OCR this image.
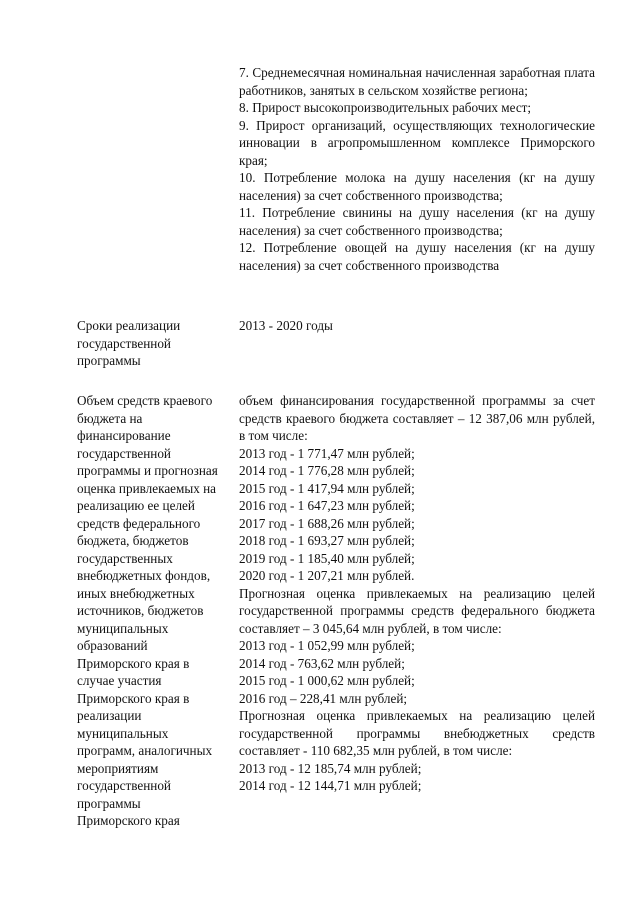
7. Среднемесячная номинальная начисленная заработная плата работников, занятых в сельском хозяйстве региона;

8. Прирост высокопроизводительных рабочих мест;

9. Прирост организаций, осуществляющих технологические инновации в агропромышленном комплексе Приморского края;

10. Потребление молока на душу населения (кг на душу населения) за счет собственного производства;

11. Потребление свинины на душу населения (кг на душу населения) за счет собственного производства;

12. Потребление овощей на душу населения (кг на душу населения) за счет собственного производства

Сроки реализации государственной программы
2013 - 2020 годы
Объем средств краевого
бюджета на
финансирование
государственной
программы и прогнозная
оценка привлекаемых на
реализацию ее целей
средств федерального
бюджета, бюджетов
государственных
внебюджетных фондов,
иных внебюджетных
источников, бюджетов
муниципальных
образований
Приморского края в
случае участия
Приморского края в
реализации
муниципальных
программ, аналогичных
мероприятиям
государственной
программы
Приморского края

объем финансирования государственной программы за счет средств краевого бюджета составляет – 12 387,06 млн рублей, в том числе:

2013 год - 1 771,47 млн рублей;
2014 год - 1 776,28 млн рублей;
2015 год - 1 417,94 млн рублей;
2016 год - 1 647,23 млн рублей;
2017 год - 1 688,26 млн рублей;
2018 год - 1 693,27 млн рублей;
2019 год - 1 185,40 млн рублей;
2020 год - 1 207,21 млн рублей.

Прогнозная оценка привлекаемых на реализацию целей государственной программы средств федерального бюджета составляет – 3 045,64 млн рублей, в том числе:

2013 год - 1 052,99 млн рублей;
2014 год - 763,62 млн рублей;
2015 год - 1 000,62 млн рублей;
2016 год – 228,41 млн рублей;

Прогнозная оценка привлекаемых на реализацию целей государственной программы внебюджетных средств составляет - 110 682,35 млн рублей, в том числе:

2013 год - 12 185,74 млн рублей;
2014 год - 12 144,71 млн рублей;
